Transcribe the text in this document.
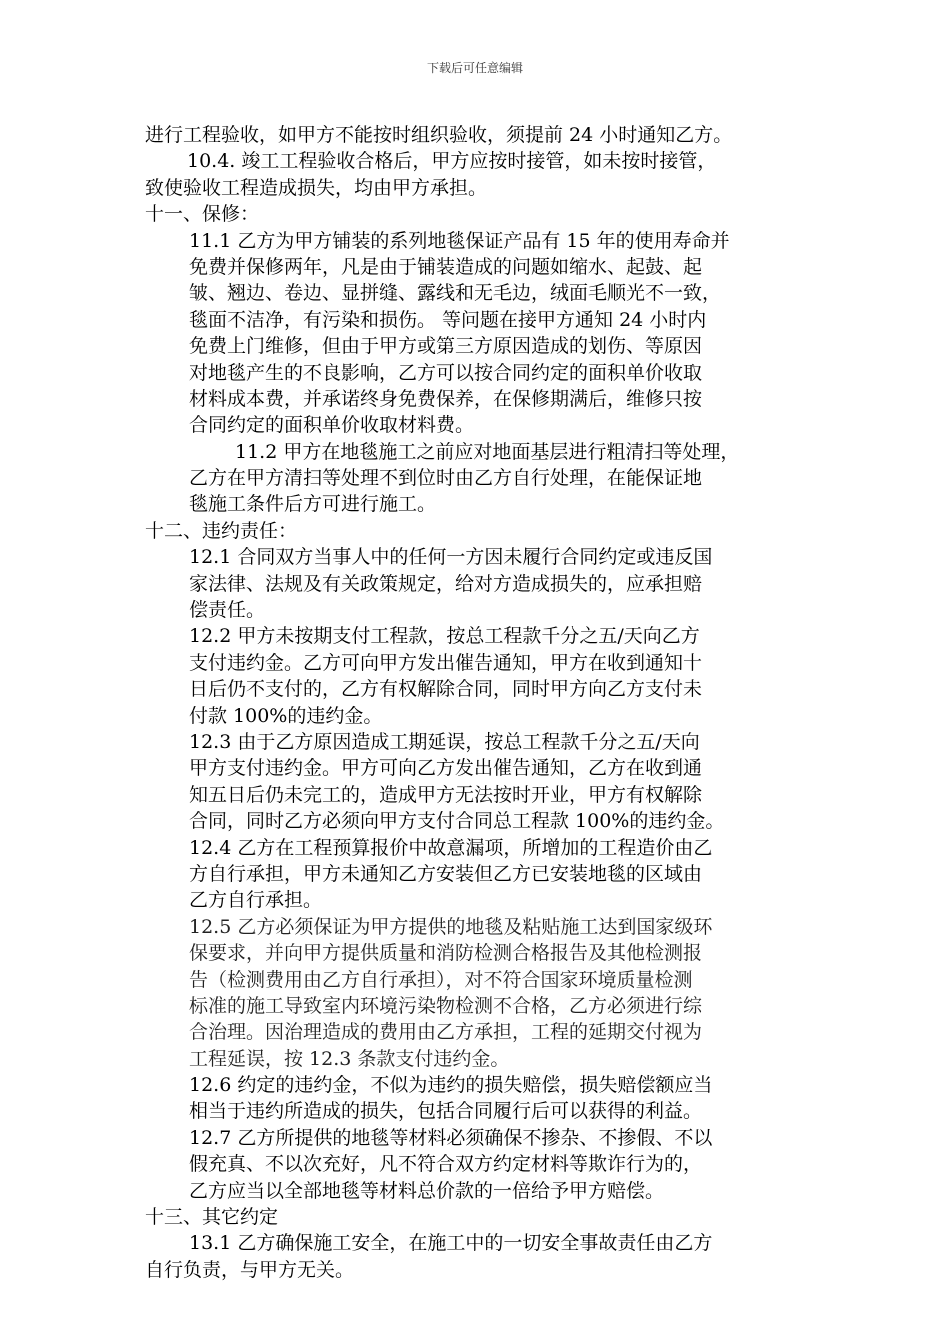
下载后可任意编辑
进行工程验收，如甲方不能按时组织验收，须提前 24 小时通知乙方。
10.4. 竣工工程验收合格后，甲方应按时接管，如未按时接管，
致使验收工程造成损失，均由甲方承担。
十一、保修：
11.1 乙方为甲方铺装的系列地毯保证产品有 15 年的使用寿命并
免费并保修两年，凡是由于铺装造成的问题如缩水、起鼓、起
皱、翘边、卷边、显拼缝、露线和无毛边，绒面毛顺光不一致，
毯面不洁净，有污染和损伤。 等问题在接甲方通知 24 小时内
免费上门维修，但由于甲方或第三方原因造成的划伤、等原因
对地毯产生的不良影响，乙方可以按合同约定的面积单价收取
材料成本费，并承诺终身免费保养，在保修期满后，维修只按
合同约定的面积单价收取材料费。
11.2 甲方在地毯施工之前应对地面基层进行粗清扫等处理，
乙方在甲方清扫等处理不到位时由乙方自行处理，在能保证地
毯施工条件后方可进行施工。
十二、违约责任：
12.1 合同双方当事人中的任何一方因未履行合同约定或违反国
家法律、法规及有关政策规定，给对方造成损失的，应承担赔
偿责任。
12.2 甲方未按期支付工程款，按总工程款千分之五/天向乙方
支付违约金。乙方可向甲方发出催告通知，甲方在收到通知十
日后仍不支付的，乙方有权解除合同，同时甲方向乙方支付未
付款 100%的违约金。
12.3 由于乙方原因造成工期延误，按总工程款千分之五/天向
甲方支付违约金。甲方可向乙方发出催告通知，乙方在收到通
知五日后仍未完工的，造成甲方无法按时开业，甲方有权解除
合同，同时乙方必须向甲方支付合同总工程款 100%的违约金。
12.4 乙方在工程预算报价中故意漏项，所增加的工程造价由乙
方自行承担，甲方未通知乙方安装但乙方已安装地毯的区域由
乙方自行承担。
12.5 乙方必须保证为甲方提供的地毯及粘贴施工达到国家级环
保要求，并向甲方提供质量和消防检测合格报告及其他检测报
告（检测费用由乙方自行承担），对不符合国家环境质量检测
标准的施工导致室内环境污染物检测不合格，乙方必须进行综
合治理。因治理造成的费用由乙方承担，工程的延期交付视为
工程延误，按 12.3 条款支付违约金。
12.6 约定的违约金，不似为违约的损失赔偿，损失赔偿额应当
相当于违约所造成的损失，包括合同履行后可以获得的利益。
12.7 乙方所提供的地毯等材料必须确保不掺杂、不掺假、不以
假充真、不以次充好，凡不符合双方约定材料等欺诈行为的，
乙方应当以全部地毯等材料总价款的一倍给予甲方赔偿。
十三、其它约定
13.1 乙方确保施工安全，在施工中的一切安全事故责任由乙方
自行负责，与甲方无关。
